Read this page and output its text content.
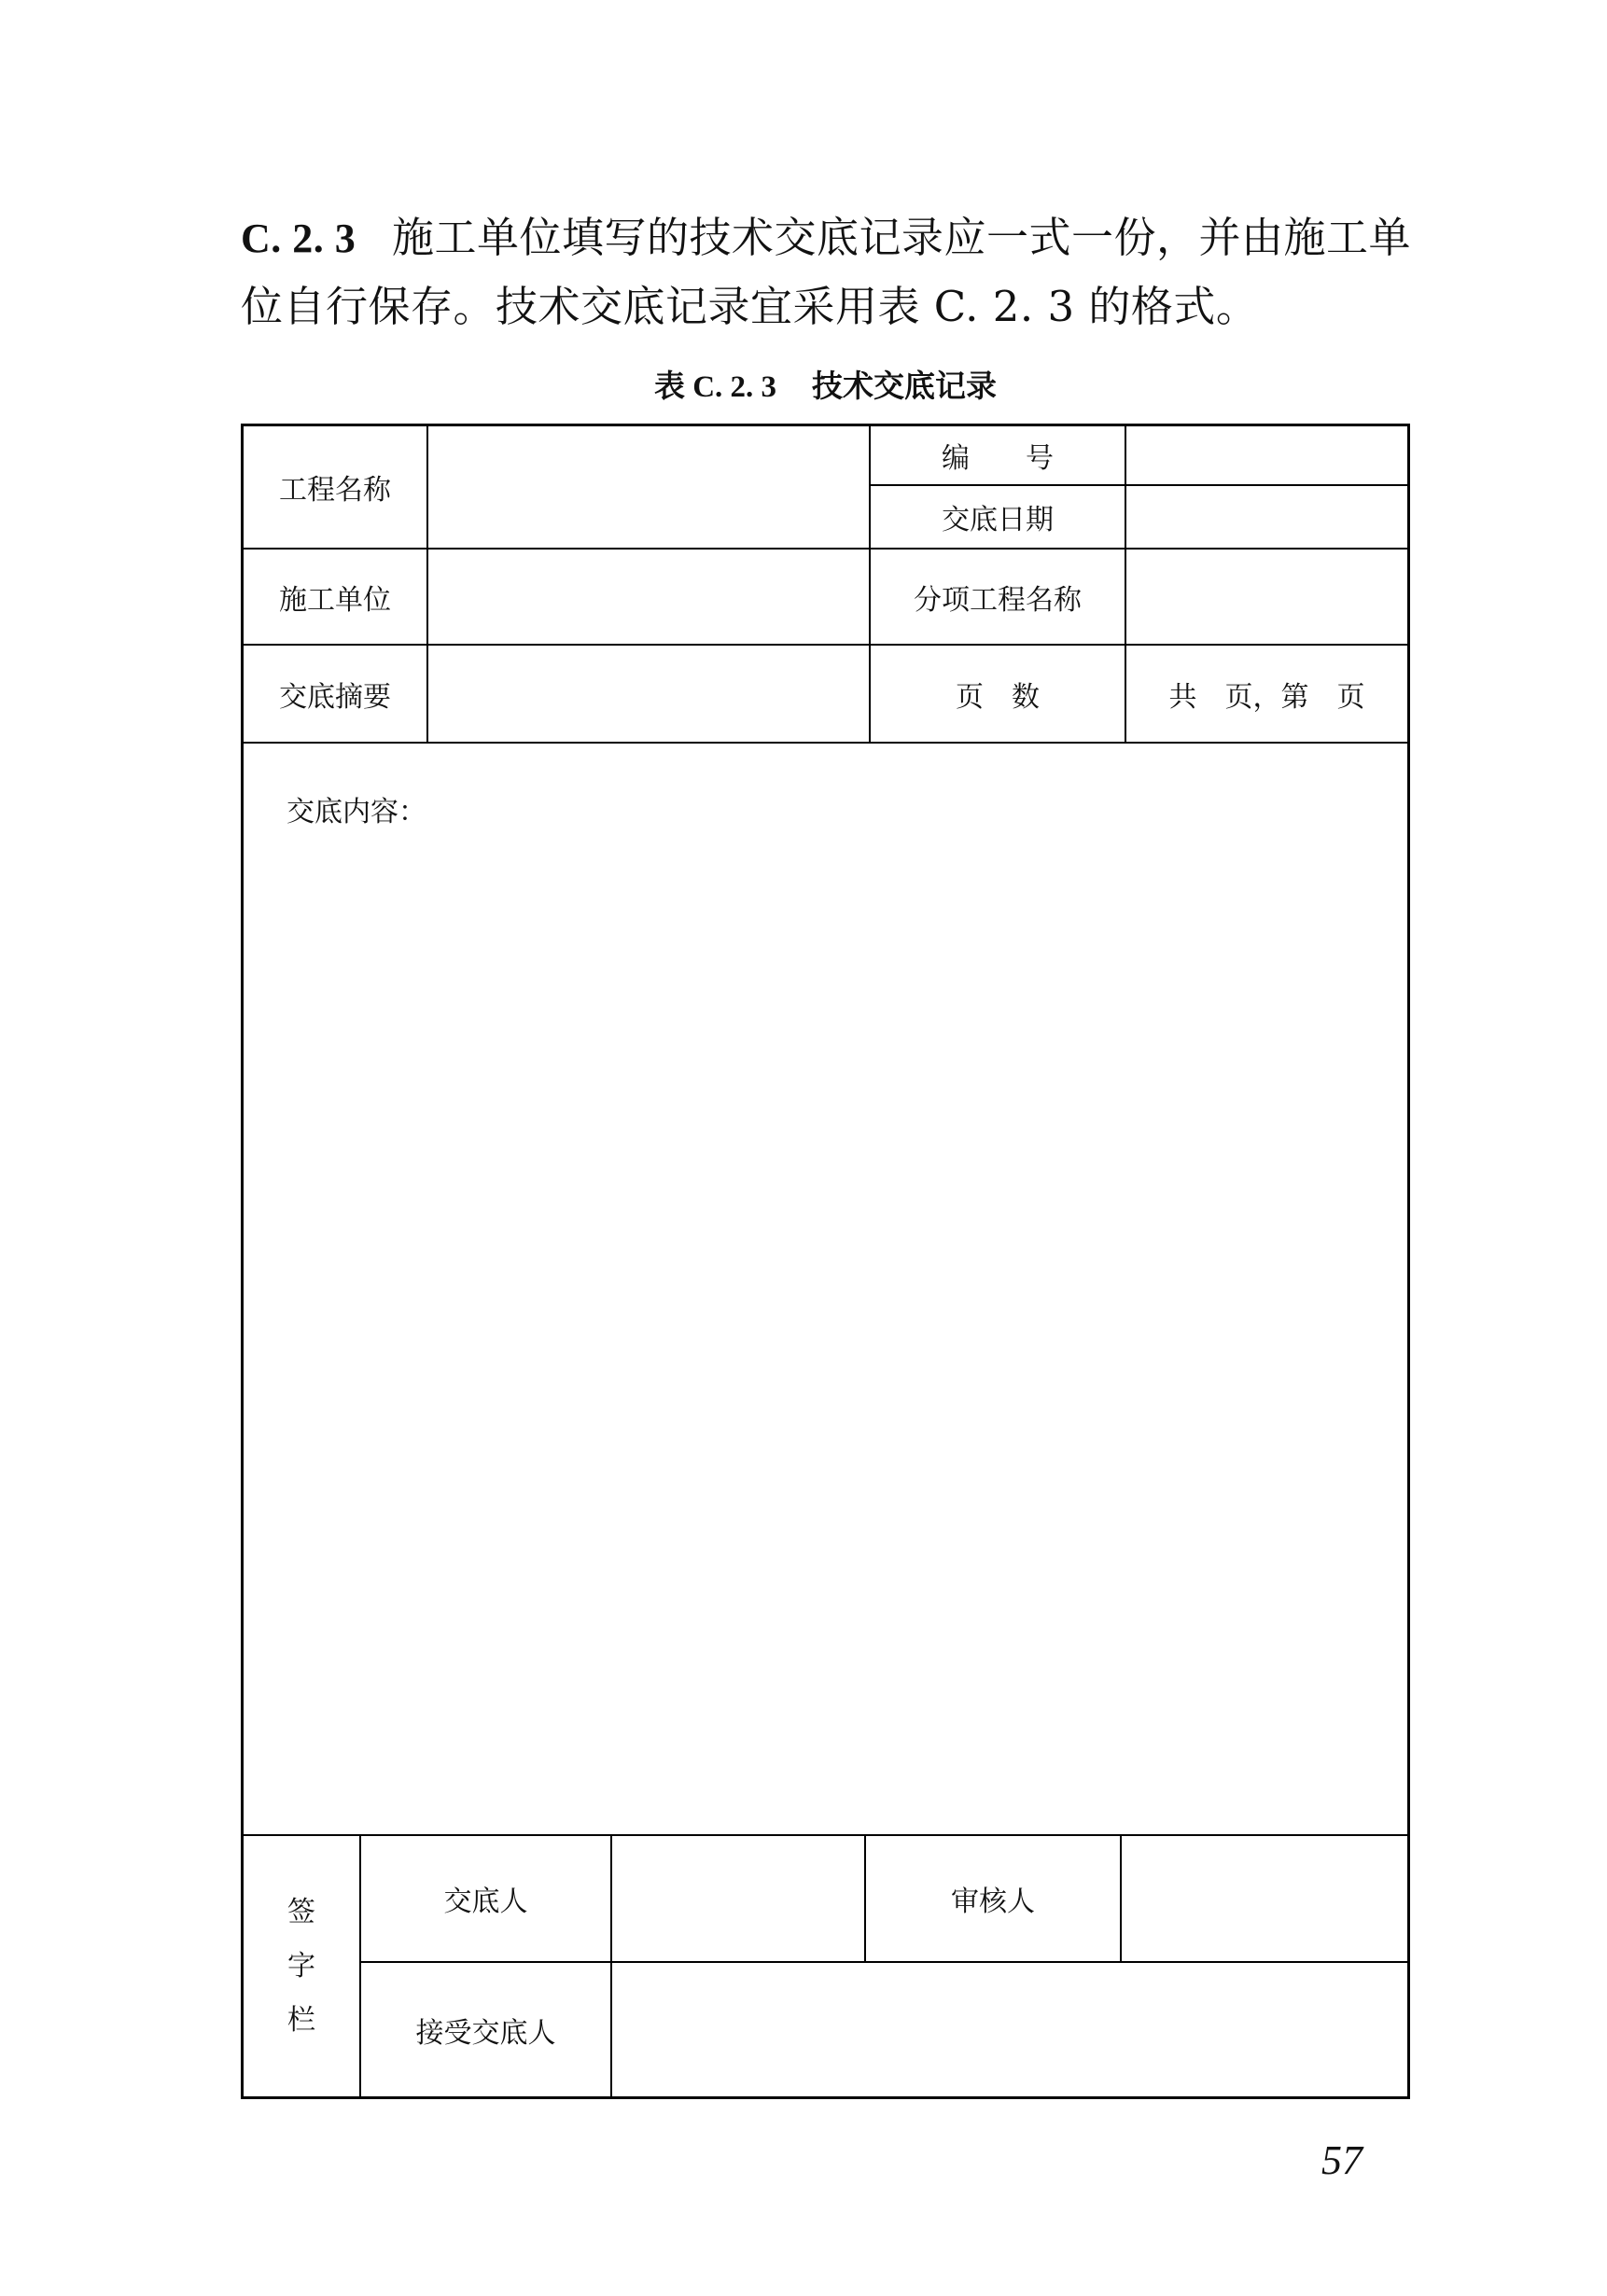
C. 2. 3 施工单位填写的技术交底记录应一式一份，并由施工单
位自行保存。技术交底记录宜采用表 C. 2. 3 的格式。
表 C. 2. 3 技术交底记录
工程名称
编　　号
交底日期
施工单位	分项工程名称
交底摘要	页　数	共　页，第　页
交底内容：
签
字
栏
交底人	审核人
接受交底人
57
